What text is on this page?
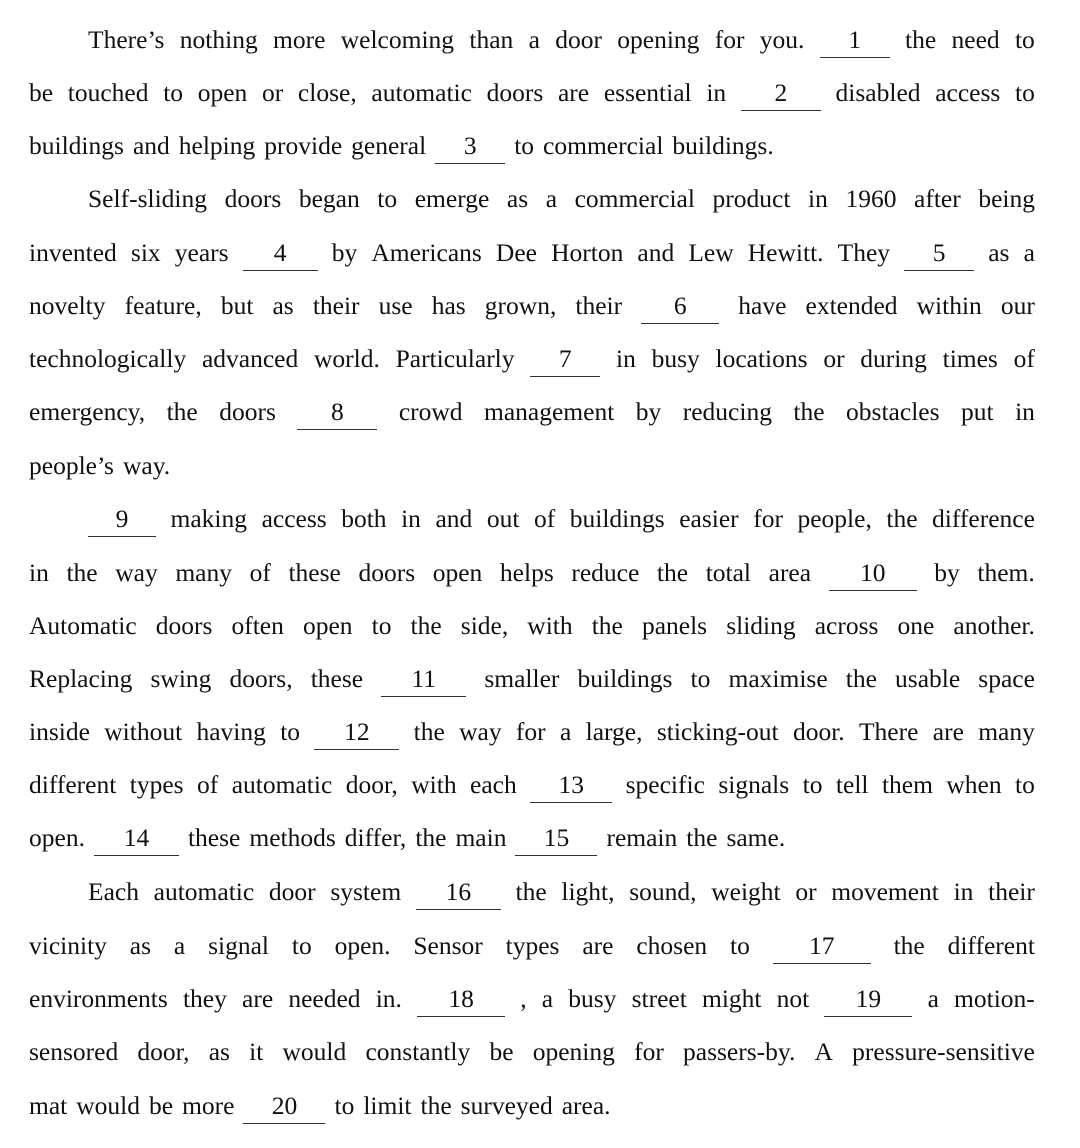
There’s nothing more welcoming than a door opening for you.	1	the need to
be touched to open or close, automatic doors are essential in	2	disabled access to
buildings and helping provide general	3	to commercial buildings.
Self-sliding doors began to emerge as a commercial product in 1960 after being
invented six years	4	by Americans Dee Horton and Lew Hewitt. They	5	as a
novelty feature, but as their use has grown, their	6	have extended within our
technologically advanced world. Particularly	7	in busy locations or during times of
emergency, the doors	8	crowd management by reducing the obstacles put in
people’s way.
9	making access both in and out of buildings easier for people, the difference
in the way many of these doors open helps reduce the total area	10	by them.
Automatic doors often open to the side, with the panels sliding across one another.
Replacing swing doors, these	11	smaller buildings to maximise the usable space
inside without having to	12	the way for a large, sticking-out door. There are many
different types of automatic door, with each	13	specific signals to tell them when to
open.	14	these methods differ, the main	15	remain the same.
Each automatic door system	16	the light, sound, weight or movement in their
vicinity as a signal to open. Sensor types are chosen to	17	the different
environments they are needed in.	18	, a busy street might not	19	a motion-
sensored door, as it would constantly be opening for passers-by. A pressure-sensitive
mat would be more	20	to limit the surveyed area.
